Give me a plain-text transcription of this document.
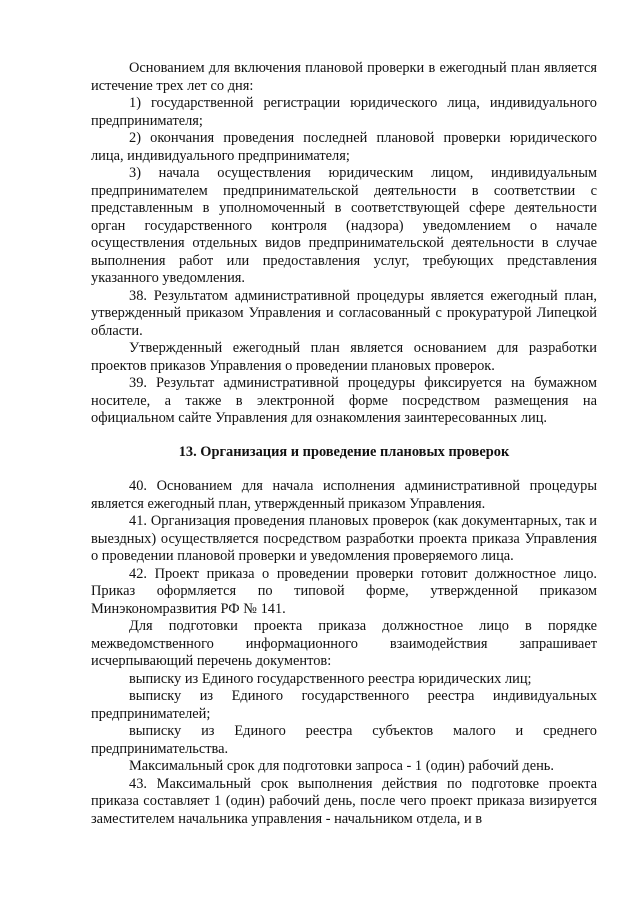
Основанием для включения плановой проверки в ежегодный план является истечение трех лет со дня:

1) государственной регистрации юридического лица, индивидуального предпринимателя;

2) окончания проведения последней плановой проверки юридического лица, индивидуального предпринимателя;

3) начала осуществления юридическим лицом, индивидуальным предпринимателем предпринимательской деятельности в соответствии с представленным в уполномоченный в соответствующей сфере деятельности орган государственного контроля (надзора) уведомлением о начале осуществления отдельных видов предпринимательской деятельности в случае выполнения работ или предоставления услуг, требующих представления указанного уведомления.

38. Результатом административной процедуры является ежегодный план, утвержденный приказом Управления и согласованный с прокуратурой Липецкой области.

Утвержденный ежегодный план является основанием для разработки проектов приказов Управления о проведении плановых проверок.

39. Результат административной процедуры фиксируется на бумажном носителе, а также в электронной форме посредством размещения на официальном сайте Управления для ознакомления заинтересованных лиц.

13. Организация и проведение плановых проверок

40. Основанием для начала исполнения административной процедуры является ежегодный план, утвержденный приказом Управления.

41. Организация проведения плановых проверок (как документарных, так и выездных) осуществляется посредством разработки проекта приказа Управления о проведении плановой проверки и уведомления проверяемого лица.

42. Проект приказа о проведении проверки готовит должностное лицо. Приказ оформляется по типовой форме, утвержденной приказом Минэкономразвития РФ № 141.

Для подготовки проекта приказа должностное лицо в порядке межведомственного информационного взаимодействия запрашивает исчерпывающий перечень документов:

выписку из Единого государственного реестра юридических лиц;

выписку из Единого государственного реестра индивидуальных предпринимателей;

выписку из Единого реестра субъектов малого и среднего предпринимательства.

Максимальный срок для подготовки запроса - 1 (один) рабочий день.

43. Максимальный срок выполнения действия по подготовке проекта приказа составляет 1 (один) рабочий день, после чего проект приказа визируется заместителем начальника управления - начальником отдела, и в
